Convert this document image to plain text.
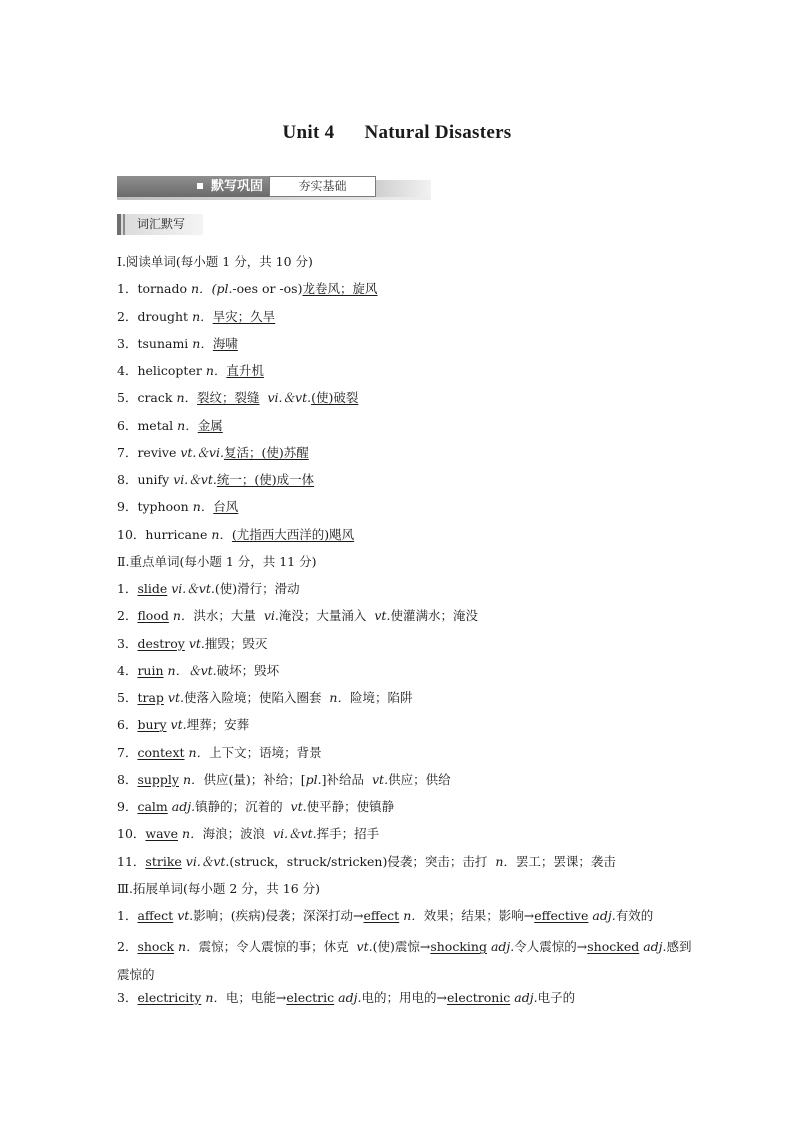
Unit 4 Natural Disasters
默写巩固	夯实基础
词汇默写
Ⅰ.阅读单词(每小题 1 分，共 10 分)
1．tornado n．(pl.-oes or -os)龙卷风；旋风
2．drought n．旱灾；久旱
3．tsunami n．海啸
4．helicopter n．直升机
5．crack n．裂纹；裂缝 vi.＆vt.(使)破裂
6．metal n．金属
7．revive vt.＆vi.复活；(使)苏醒
8．unify vi.＆vt.统一；(使)成一体
9．typhoon n．台风
10．hurricane n．(尤指西大西洋的)飓风
Ⅱ.重点单词(每小题 1 分，共 11 分)
1．slide vi.＆vt.(使)滑行；滑动
2．flood n．洪水；大量 vi.淹没；大量涌入 vt.使灌满水；淹没
3．destroy vt.摧毁；毁灭
4．ruin n．＆vt.破坏；毁坏
5．trap vt.使落入险境；使陷入圈套 n．险境；陷阱
6．bury vt.埋葬；安葬
7．context n．上下文；语境；背景
8．supply n．供应(量)；补给；[pl.]补给品 vt.供应；供给
9．calm adj.镇静的；沉着的 vt.使平静；使镇静
10．wave n．海浪；波浪 vi.＆vt.挥手；招手
11．strike vi.＆vt.(struck，struck/stricken)侵袭；突击；击打 n．罢工；罢课；袭击
Ⅲ.拓展单词(每小题 2 分，共 16 分)
1．affect vt.影响；(疾病)侵袭；深深打动→effect n．效果；结果；影响→effective adj.有效的
2．shock n．震惊；令人震惊的事；休克 vt.(使)震惊→shocking adj.令人震惊的→shocked adj.感到震惊的
3．electricity n．电；电能→electric adj.电的；用电的→electronic adj.电子的
